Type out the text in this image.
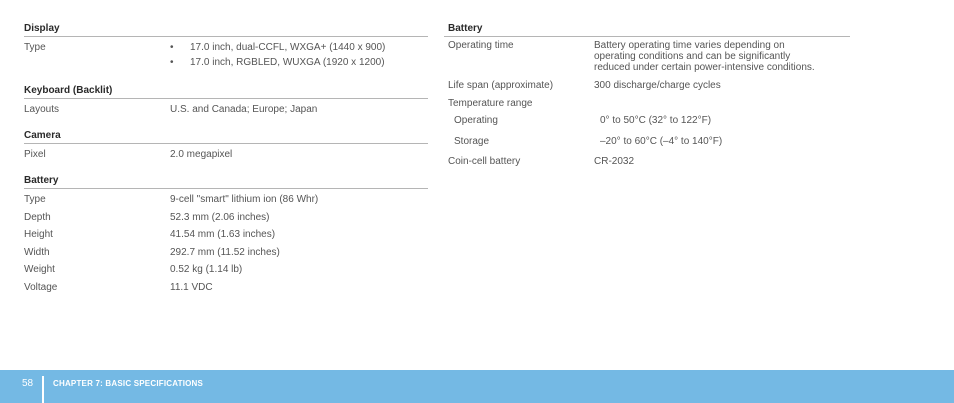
Display
Type
•	17.0 inch, dual-CCFL, WXGA+ (1440 x 900)
• 17.0 inch, RGBLED, WUXGA (1920 x 1200)
Keyboard (Backlit)
Layouts	U.S. and Canada; Europe; Japan
Camera
Pixel	2.0 megapixel
Battery
Type	9-cell "smart" lithium ion (86 Whr)
Depth	52.3 mm (2.06 inches)
Height	41.54 mm (1.63 inches)
Width	292.7 mm (11.52 inches)
Weight	0.52 kg (1.14 lb)
Voltage	11.1 VDC
Battery
Operating time	Battery operating time varies depending on operating conditions and can be significantly reduced under certain power-intensive conditions.
Life span (approximate)	300 discharge/charge cycles
Temperature range
Operating	0° to 50°C (32° to 122°F)
Storage	–20° to 60°C (–4° to 140°F)
Coin-cell battery	CR-2032
58 CHAPTER 7: BASIC SPECIFICATIONS
